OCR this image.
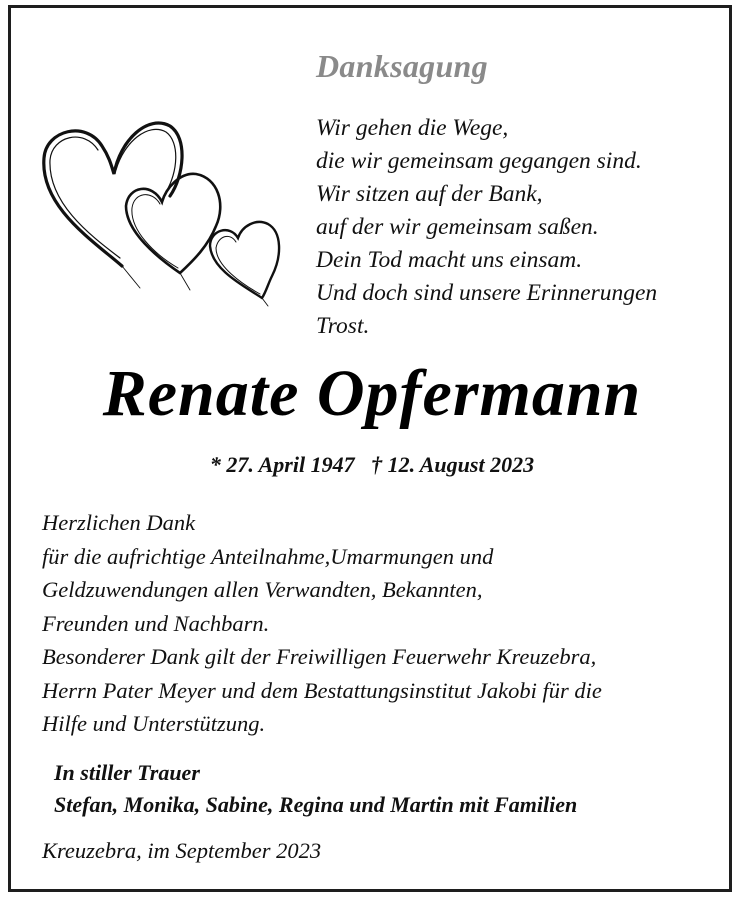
Danksagung
Wir gehen die Wege,
die wir gemeinsam gegangen sind.
Wir sitzen auf der Bank,
auf der wir gemeinsam saßen.
Dein Tod macht uns einsam.
Und doch sind unsere Erinnerungen
Trost.
Renate Opfermann
* 27. April 1947   † 12. August 2023
Herzlichen Dank
für die aufrichtige Anteilnahme,Umarmungen und
Geldzuwendungen allen Verwandten, Bekannten,
Freunden und Nachbarn.
Besonderer Dank gilt der Freiwilligen Feuerwehr Kreuzebra,
Herrn Pater Meyer und dem Bestattungsinstitut Jakobi für die
Hilfe und Unterstützung.
In stiller Trauer
Stefan, Monika, Sabine, Regina und Martin mit Familien
Kreuzebra, im September 2023
